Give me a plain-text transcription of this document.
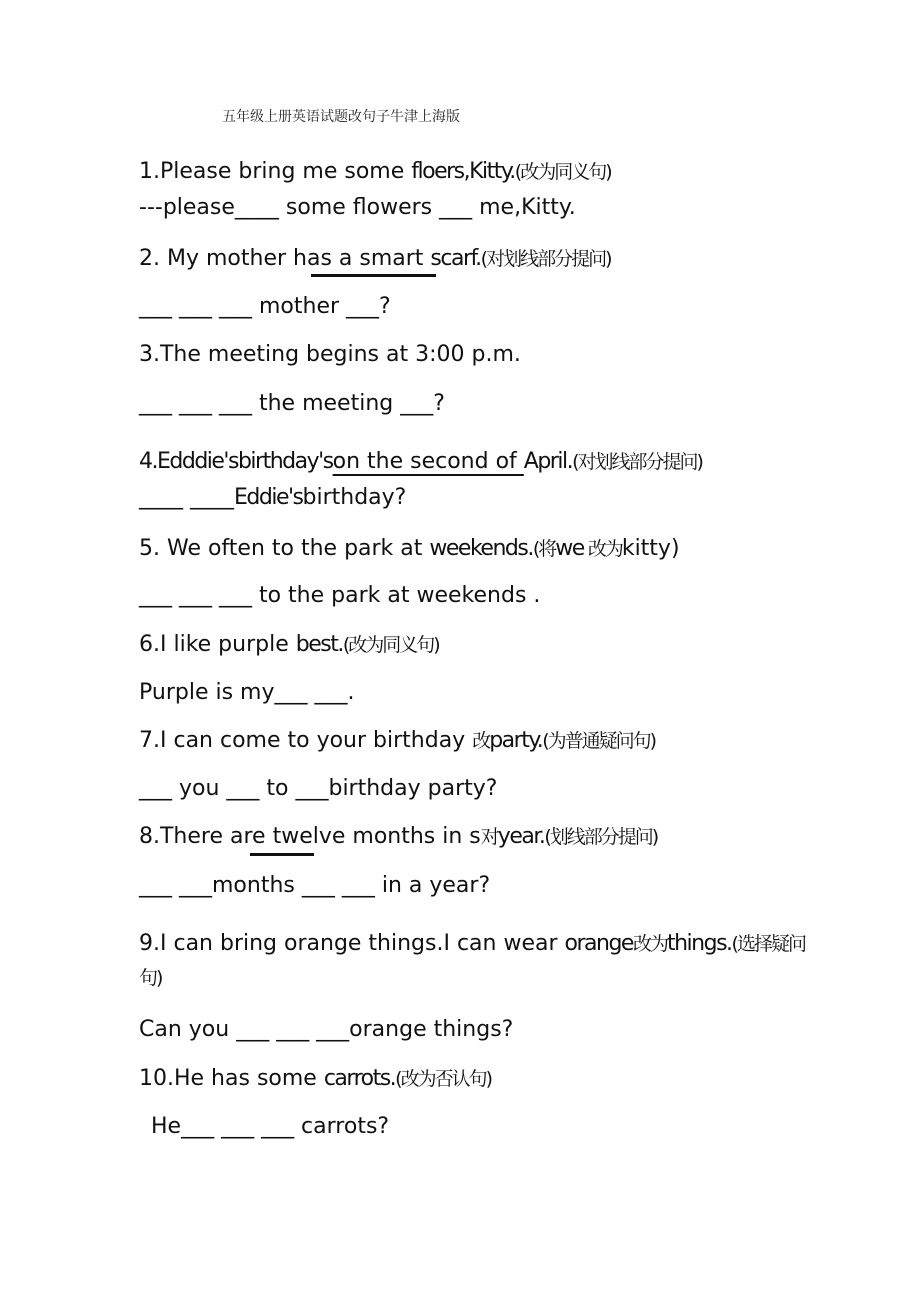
五年级上册英语试题改句子牛津上海版
1.Please bring me some floers,Kitty.(改为同义句)
---please____ some flowers ___ me,Kitty.
2. My mother has a smart scarf.(对划线部分提问)
___ ___ ___ mother ___?
3.The meeting begins at 3:00 p.m.
___ ___ ___ the meeting ___?
4.Edddie'sbirthday'son the second of April.(对划线部分提问)
____ ____Eddie'sbirthday?
5. We often to the park at weekends.(将we 改为kitty)
___ ___ ___ to the park at weekends .
6.I like purple best.(改为同义句)
Purple is my___ ___.
7.I can come to your birthday 改party.(为普通疑问句)
___ you ___ to ___birthday party?
8.There are twelve months in s对year.(划线部分提问)
___ ___months ___ ___ in a year?
9.I can bring orange things.I can wear orange改为things.(选择疑问 句)
Can you ___ ___ ___orange things?
10.He has some carrots.(改为否认句)
He___ ___ ___ carrots?
